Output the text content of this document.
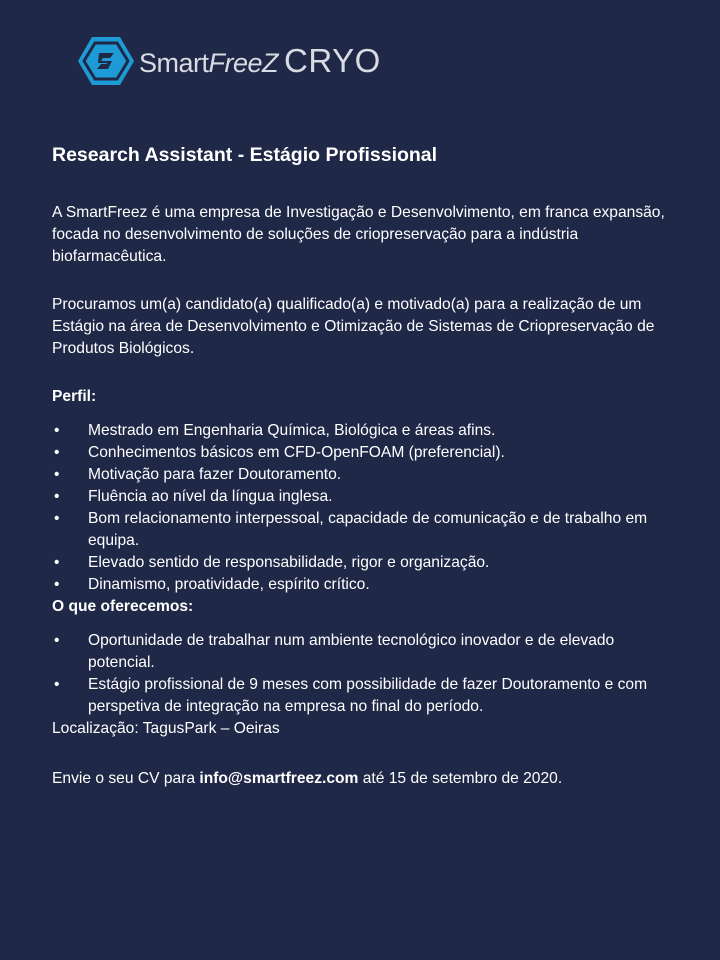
Smart FreeZ CRYO
Research Assistant - Estágio Profissional

A SmartFreez é uma empresa de Investigação e Desenvolvimento, em franca expansão, focada no desenvolvimento de soluções de criopreservação para a indústria biofarmacêutica.

Procuramos um(a) candidato(a) qualificado(a) e motivado(a) para a realização de um Estágio na área de Desenvolvimento e Otimização de Sistemas de Criopreservação de Produtos Biológicos.

Perfil:

• Mestrado em Engenharia Química, Biológica e áreas afins.
• Conhecimentos básicos em CFD-OpenFOAM (preferencial).
• Motivação para fazer Doutoramento.
• Fluência ao nível da língua inglesa.
• Bom relacionamento interpessoal, capacidade de comunicação e de trabalho em equipa.
• Elevado sentido de responsabilidade, rigor e organização.
• Dinamismo, proatividade, espírito crítico.

O que oferecemos:

• Oportunidade de trabalhar num ambiente tecnológico inovador e de elevado potencial.
• Estágio profissional de 9 meses com possibilidade de fazer Doutoramento e com perspetiva de integração na empresa no final do período.

Localização: TagusPark – Oeiras

Envie o seu CV para info@smartfreez.com até 15 de setembro de 2020.
